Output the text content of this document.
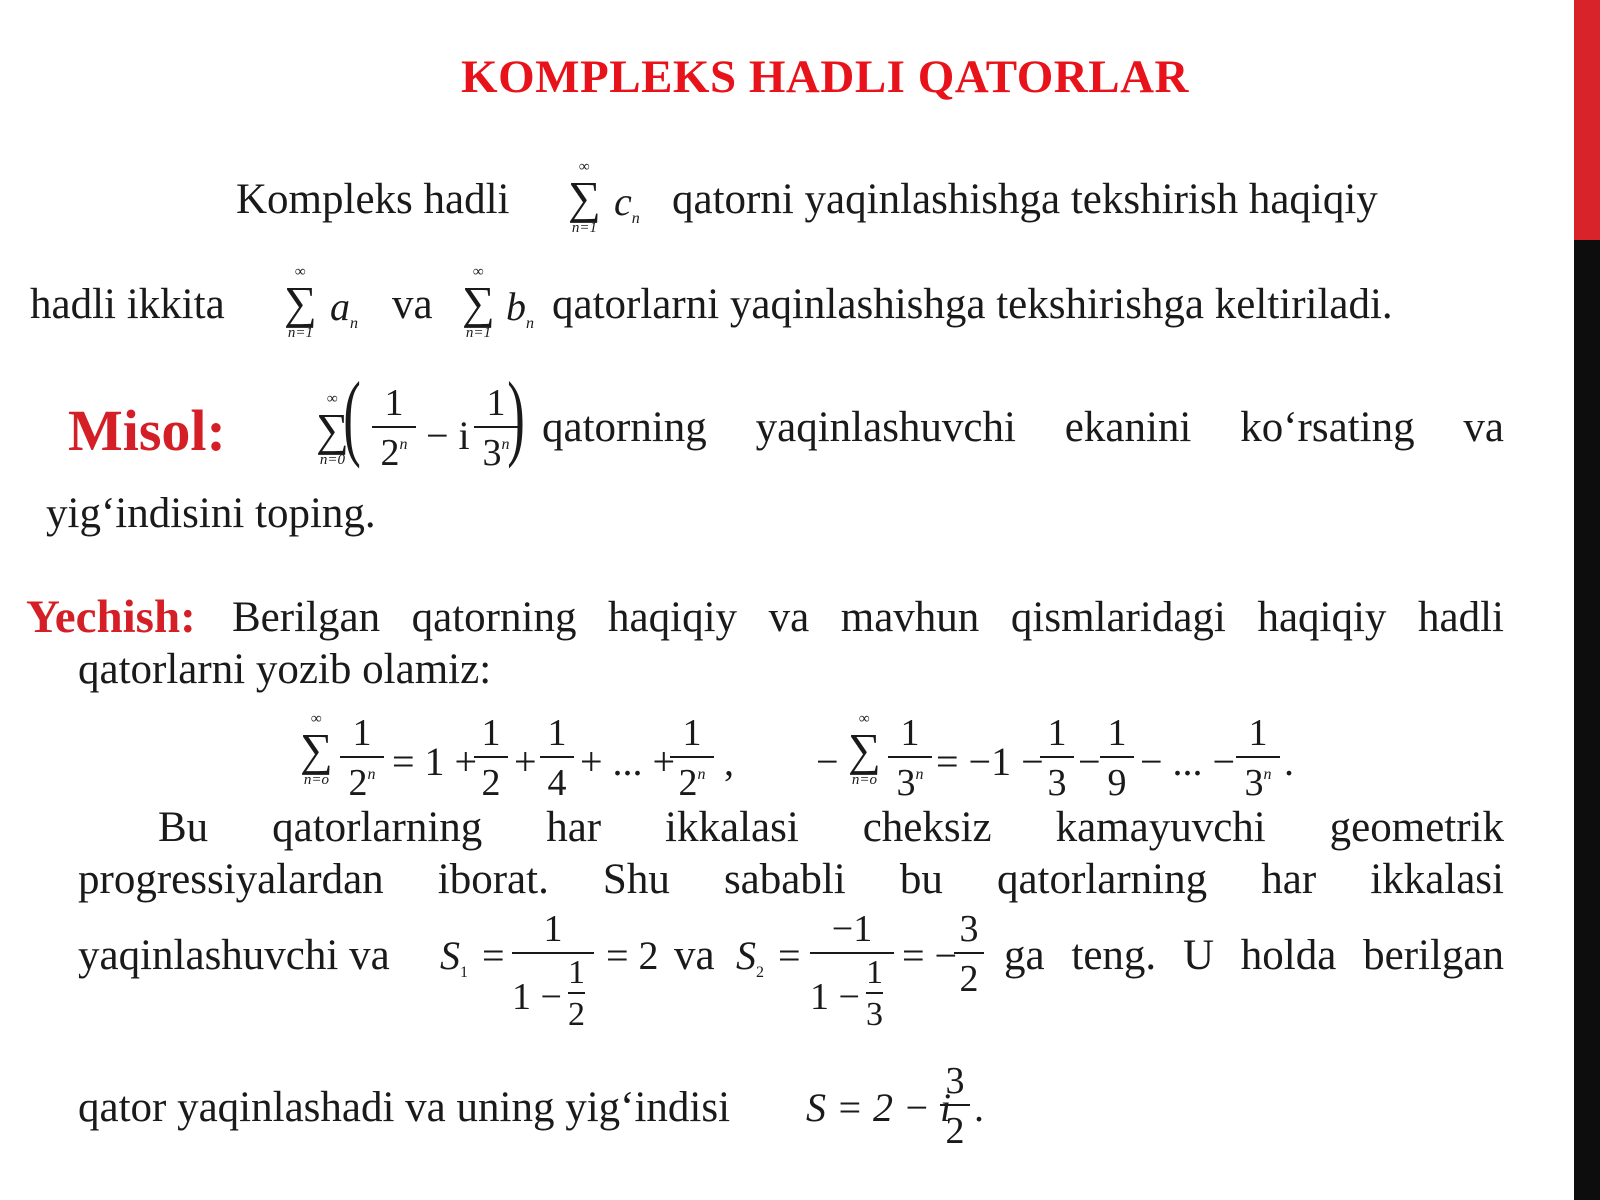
KOMPLEKS HADLI QATORLAR
Kompleks hadli
∞
∑
n=1
$c_n$ qatorni yaqinlashishga tekshirish haqiqiy
hadli ikkita
∞
∑
n=1
$a_n$ va
∞
∑
n=1
$b_n$ qatorlarni yaqinlashishga tekshirishga keltiriladi.
Misol:	∞
∑
n=0
( $\frac{1}{2^n} - i \frac{1}{3^n}$
) qatorning yaqinlashuvchi ekanini ko‘rsating va
yig‘indisini toping.
Yechish: Berilgan qatorning haqiqiy va mavhun qismlaridagi haqiqiy hadli
qatorlarni yozib olamiz:
∞
∑
$n=o \frac{1}{2^n} = 1$ +
$\frac{1}{2} + \frac{1}{4}$ + ... +
$\frac{1}{2^n}$ , −
∞
∑
$n=o \frac{1}{3^n} = -1$ −
$\frac{1}{3} - \frac{1}{9}$ − ... − $\frac{1}{3^n}$ .
Bu qatorlarning har ikkalasi cheksiz kamayuvchi geometrik
progressiyalardan iborat. Shu sababli bu qatorlarning har ikkalasi
yaqinlashuvchi va $S_1 = 1$
1 −
1
2 = 2 va $S_2 = -1$
1 −
1
3 = −
$\frac{3}{2}$ ga teng. U holda berilgan
qator yaqinlashadi va uning yig‘indisi S = 2 − i
$\frac{3}{2}$ .
